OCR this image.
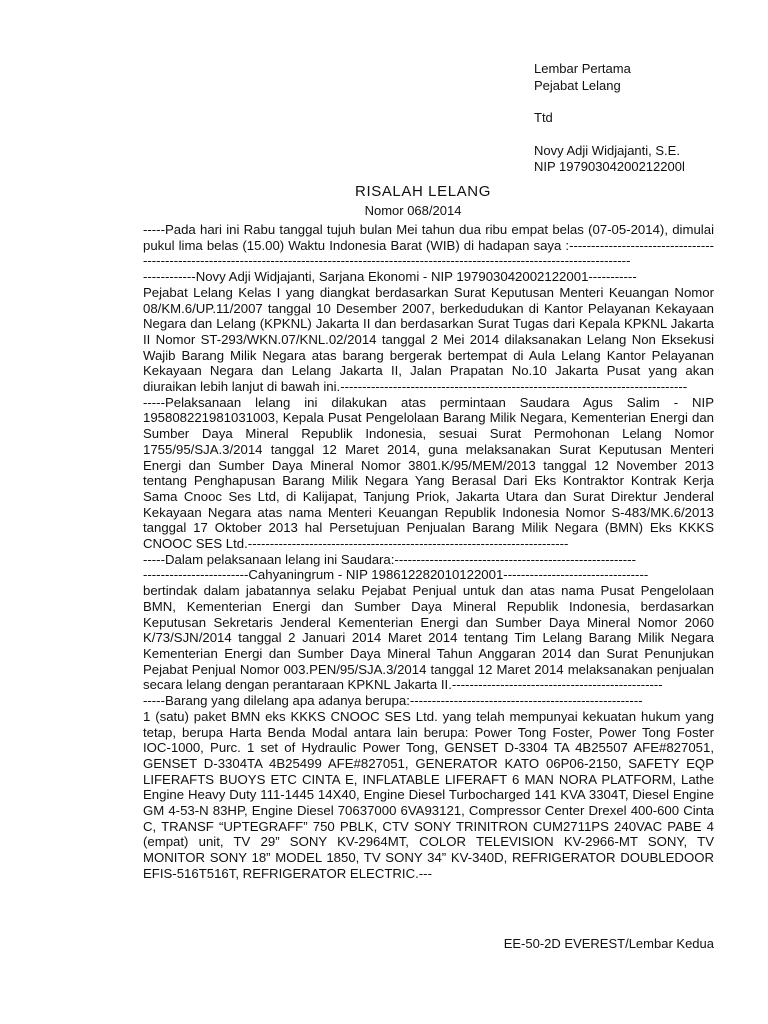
Lembar Pertama
Pejabat Lelang
Ttd
Novy Adji Widjajanti, S.E.
NIP 19790304200212200l
RISALAH LELANG
Nomor 068/2014

-----Pada hari ini Rabu tanggal tujuh bulan Mei tahun dua ribu empat belas (07-05-2014), dimulai pukul lima belas (15.00) Waktu Indonesia Barat (WIB) di hadapan saya :------------------------------------------------------------------------------------------------------------------------------------------------

------------Novy Adji Widjajanti, Sarjana Ekonomi - NIP 197903042002122001-----------

Pejabat Lelang Kelas I yang diangkat berdasarkan Surat Keputusan Menteri Keuangan Nomor 08/KM.6/UP.11/2007 tanggal 10 Desember 2007, berkedudukan di Kantor Pelayanan Kekayaan Negara dan Lelang (KPKNL) Jakarta II dan berdasarkan Surat Tugas dari Kepala KPKNL Jakarta II Nomor ST-293/WKN.07/KNL.02/2014 tanggal 2 Mei 2014 dilaksanakan Lelang Non Eksekusi Wajib Barang Milik Negara atas barang bergerak bertempat di Aula Lelang Kantor Pelayanan Kekayaan Negara dan Lelang Jakarta II, Jalan Prapatan No.10 Jakarta Pusat yang akan diuraikan lebih lanjut di bawah ini.-------------------------------------------------------------------------------

-----Pelaksanaan lelang ini dilakukan atas permintaan Saudara Agus Salim - NIP 195808221981031003, Kepala Pusat Pengelolaan Barang Milik Negara, Kementerian Energi dan Sumber Daya Mineral Republik Indonesia, sesuai Surat Permohonan Lelang Nomor 1755/95/SJA.3/2014 tanggal 12 Maret 2014, guna melaksanakan Surat Keputusan Menteri Energi dan Sumber Daya Mineral Nomor 3801.K/95/MEM/2013 tanggal 12 November 2013 tentang Penghapusan Barang Milik Negara Yang Berasal Dari Eks Kontraktor Kontrak Kerja Sama Cnooc Ses Ltd, di Kalijapat, Tanjung Priok, Jakarta Utara dan Surat Direktur Jenderal Kekayaan Negara atas nama Menteri Keuangan Republik Indonesia Nomor S-483/MK.6/2013 tanggal 17 Oktober 2013 hal Persetujuan Penjualan Barang Milik Negara (BMN) Eks KKKS CNOOC SES Ltd.-------------------------------------------------------------------------

-----Dalam pelaksanaan lelang ini Saudara:-------------------------------------------------------

------------------------Cahyaningrum - NIP 198612282010122001---------------------------------

bertindak dalam jabatannya selaku Pejabat Penjual untuk dan atas nama Pusat Pengelolaan BMN, Kementerian Energi dan Sumber Daya Mineral Republik Indonesia, berdasarkan Keputusan Sekretaris Jenderal Kementerian Energi dan Sumber Daya Mineral Nomor 2060 K/73/SJN/2014 tanggal 2 Januari 2014 Maret 2014 tentang Tim Lelang Barang Milik Negara Kementerian Energi dan Sumber Daya Mineral Tahun Anggaran 2014 dan Surat Penunjukan Pejabat Penjual Nomor 003.PEN/95/SJA.3/2014 tanggal 12 Maret 2014 melaksanakan penjualan secara lelang dengan perantaraan KPKNL Jakarta II.------------------------------------------------

-----Barang yang dilelang apa adanya berupa:-----------------------------------------------------

1 (satu) paket BMN eks KKKS CNOOC SES Ltd. yang telah mempunyai kekuatan hukum yang tetap, berupa Harta Benda Modal antara lain berupa: Power Tong Foster, Power Tong Foster IOC-1000, Purc. 1 set of Hydraulic Power Tong, GENSET D-3304 TA 4B25507 AFE#827051, GENSET D-3304TA 4B25499 AFE#827051, GENERATOR KATO 06P06-2150, SAFETY EQP LIFERAFTS BUOYS ETC CINTA E, INFLATABLE LIFERAFT 6 MAN NORA PLATFORM, Lathe Engine Heavy Duty 111-1445 14X40, Engine Diesel Turbocharged 141 KVA 3304T, Diesel Engine GM 4-53-N 83HP, Engine Diesel 70637000 6VA93121, Compressor Center Drexel 400-600 Cinta C, TRANSF “UPTEGRAFF” 750 PBLK, CTV SONY TRINITRON CUM2711PS 240VAC PABE 4 (empat) unit, TV 29” SONY KV-2964MT, COLOR TELEVISION KV-2966-MT SONY, TV MONITOR SONY 18” MODEL 1850, TV SONY 34” KV-340D, REFRIGERATOR DOUBLEDOOR EFIS-516T516T, REFRIGERATOR ELECTRIC.---

EE-50-2D EVEREST/Lembar Kedua
